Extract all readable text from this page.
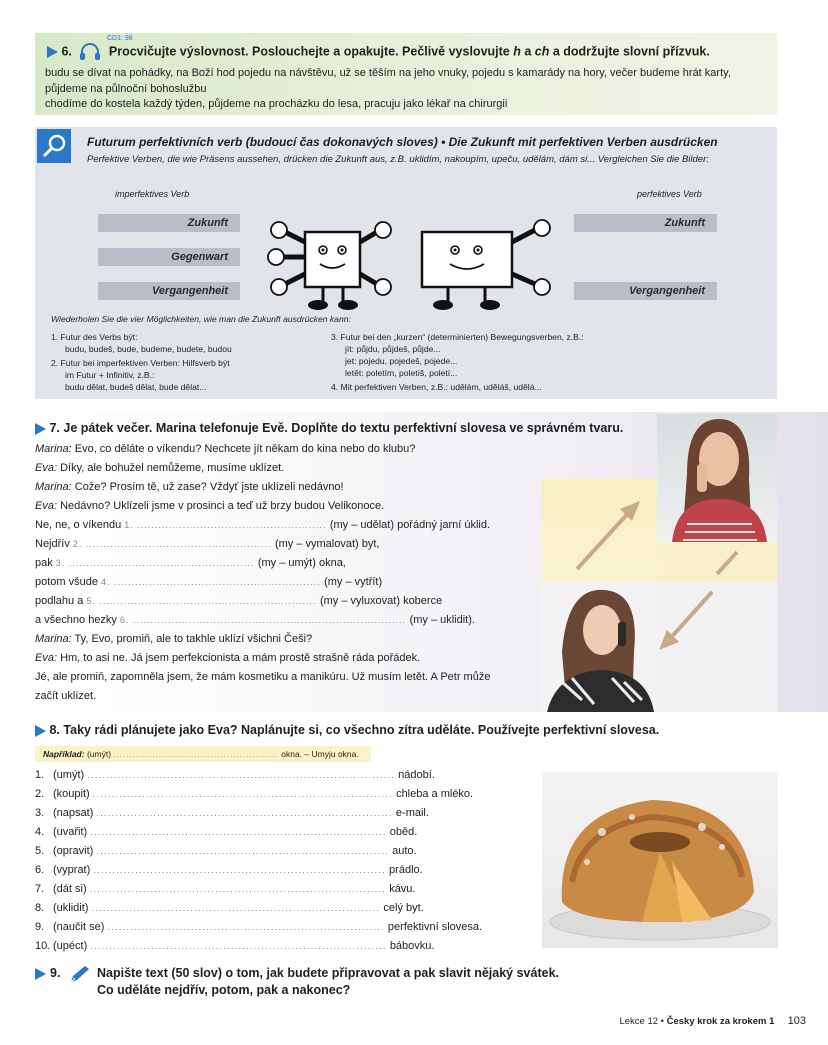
CD1: 98
6.	Procvičujte výslovnost. Poslouchejte a opakujte. Pečlivě vyslovujte h a ch a dodržujte slovní přízvuk.
budu se dívat na pohádky, na Boží hod pojedu na návštěvu, už se těším na jeho vnuky, pojedu s kamarády na hory, večer budeme hrát karty,
půjdeme na půlnoční bohoslužbu
chodíme do kostela každý týden, půjdeme na procházku do lesa, pracuju jako lékař na chirurgii
Futurum perfektivních verb (budoucí čas dokonavých sloves) • Die Zukunft mit perfektiven Verben ausdrücken
Perfektive Verben, die wie Präsens aussehen, drücken die Zukunft aus, z.B. uklidím, nakoupím, upeču, udělám, dám si... Vergleichen Sie die Bilder:
imperfektives Verb	perfektives Verb
Zukunft
Gegenwart
Vergangenheit
Zukunft
Vergangenheit
Wiederholen Sie die vier Möglichkeiten, wie man die Zukunft ausdrücken kann:
1. Futur des Verbs být:
budu, budeš, bude, budeme, budete, budou
2. Futur bei imperfektiven Verben: Hilfsverb být
im Futur + Infinitiv, z.B.:
budu dělat, budeš dělat, bude dělat...
3. Futur bei den „kurzen“ (determinierten) Bewegungsverben, z.B.:
jít: půjdu, půjdeš, půjde...
jet: pojedu, pojedeš, pojede...
letět: poletím, poletíš, poletí...
4. Mit perfektiven Verben, z.B.: udělám, uděláš, udělá...
7. Je pátek večer. Marina telefonuje Evě. Doplňte do textu perfektivní slovesa ve správném tvaru.
Marina: Evo, co děláte o víkendu? Nechcete jít někam do kina nebo do klubu?
Eva: Díky, ale bohužel nemůžeme, musíme uklízet.
Marina: Cože? Prosím tě, už zase? Vždyť jste uklízeli nedávno!
Eva: Nedávno? Uklízeli jsme v prosinci a teď už brzy budou Velikonoce.
Ne, ne, o víkendu 1. ...................................................... (my – udělat) pořádný jarní úklid.
Nejdřív 2. ..................................................... (my – vymalovat) byt,
pak 3. ..................................................... (my – umýt) okna,
potom všude 4. ........................................................... (my – vytřít)
podlahu a 5. .............................................................. (my – vyluxovat) koberce
a všechno hezky 6. .............................................................................. (my – uklidit).
Marina: Ty, Evo, promiň, ale to takhle uklízí všichni Češi?
Eva: Hm, to asi ne. Já jsem perfekcionista a mám prostě strašně ráda pořádek.
Jé, ale promiň, zapomněla jsem, že mám kosmetiku a manikúru. Už musím letět. A Petr může
začít uklízet.
8. Taky rádi plánujete jako Eva? Naplánujte si, co všechno zítra uděláte. Používejte perfektivní slovesa.
Například: (umýt) ................................................... okna. – Umyju okna.
1. (umýt) ................................................................................. nádobí.
2. (koupit) ............................................................................... chleba a mléko.
3. (napsat) .............................................................................. e-mail.
4. (uvařit) .............................................................................. oběd.
5. (opravit) ............................................................................. auto.
6. (vyprat) ............................................................................. prádlo.
7. (dát si) .............................................................................. kávu.
8. (uklidit) ............................................................................ celý byt.
9. (naučit se) ......................................................................... perfektivní slovesa.
10. (upéct) .............................................................................. bábovku.
9.	Napište text (50 slov) o tom, jak budete připravovat a pak slavit nějaký svátek.
Co uděláte nejdřív, potom, pak a nakonec?
Lekce 12 • Česky krok za krokem 1 103
